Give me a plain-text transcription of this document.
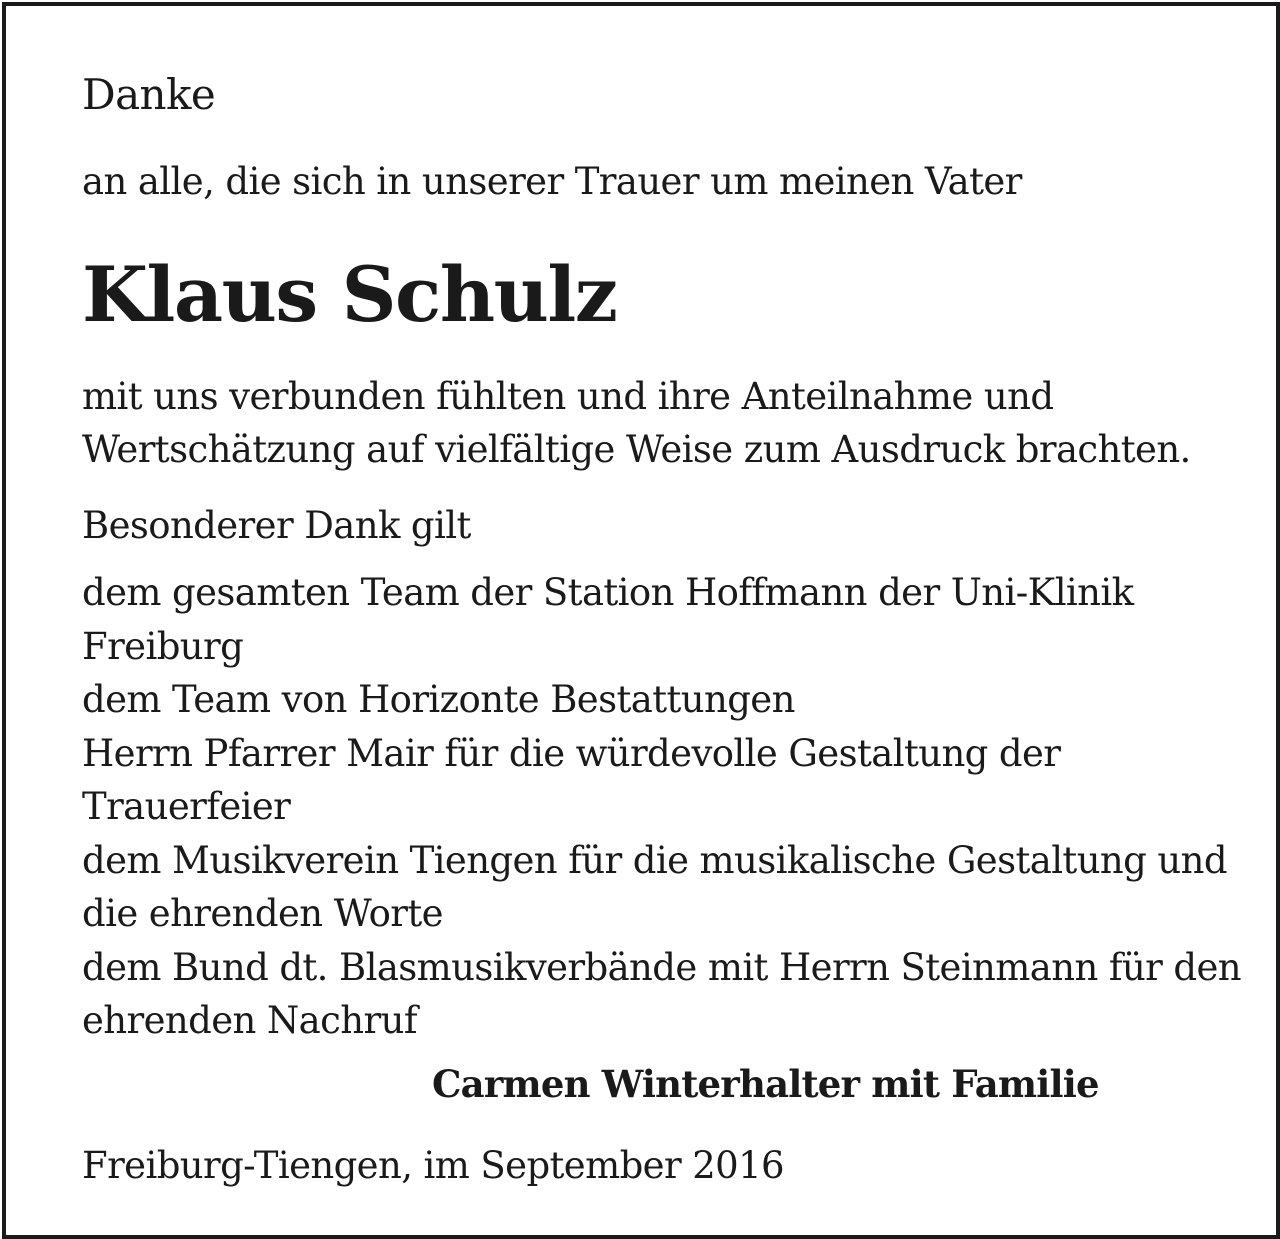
Danke
an alle, die sich in unserer Trauer um meinen Vater
Klaus Schulz
mit uns verbunden fühlten und ihre Anteilnahme und
Wertschätzung auf vielfältige Weise zum Ausdruck brachten.
Besonderer Dank gilt
dem gesamten Team der Station Hoffmann der Uni-Klinik
Freiburg
dem Team von Horizonte Bestattungen
Herrn Pfarrer Mair für die würdevolle Gestaltung der
Trauerfeier
dem Musikverein Tiengen für die musikalische Gestaltung und
die ehrenden Worte
dem Bund dt. Blasmusikverbände mit Herrn Steinmann für den
ehrenden Nachruf
Carmen Winterhalter mit Familie
Freiburg-Tiengen, im September 2016
